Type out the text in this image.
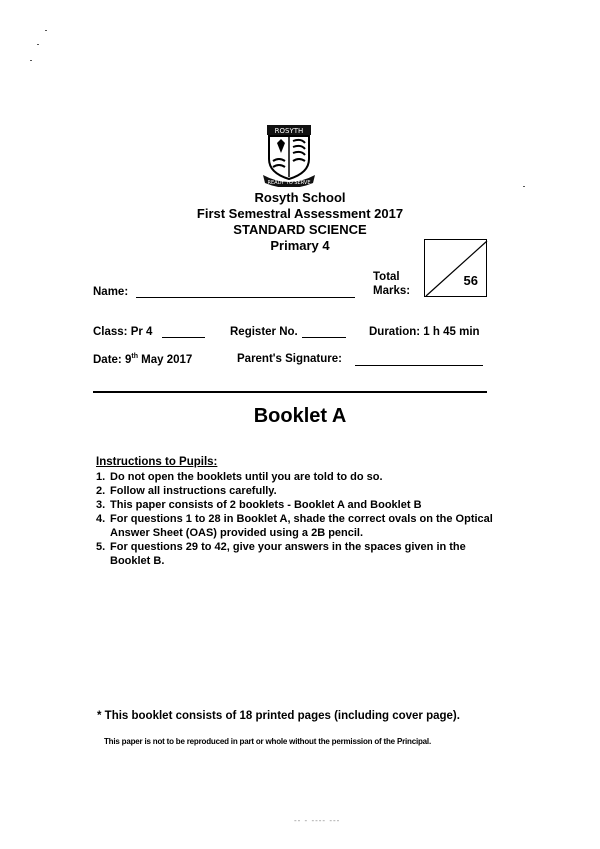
ROSYTH
READY TO SERVE
Rosyth School
First Semestral Assessment 2017
STANDARD SCIENCE
Primary 4
Name:
Total
Marks:
56
Class: Pr 4	Register No.	Duration: 1 h 45 min
Date: 9th May 2017	Parent's Signature:
Booklet A
Instructions to Pupils:
1. Do not open the booklets until you are told to do so.
2. Follow all instructions carefully.
3. This paper consists of 2 booklets - Booklet A and Booklet B
4. For questions 1 to 28 in Booklet A, shade the correct ovals on the Optical Answer Sheet (OAS) provided using a 2B pencil.
5. For questions 29 to 42, give your answers in the spaces given in the Booklet B.
* This booklet consists of 18 printed pages (including cover page).
This paper is not to be reproduced in part or whole without the permission of the Principal.
-- - ---- ---
